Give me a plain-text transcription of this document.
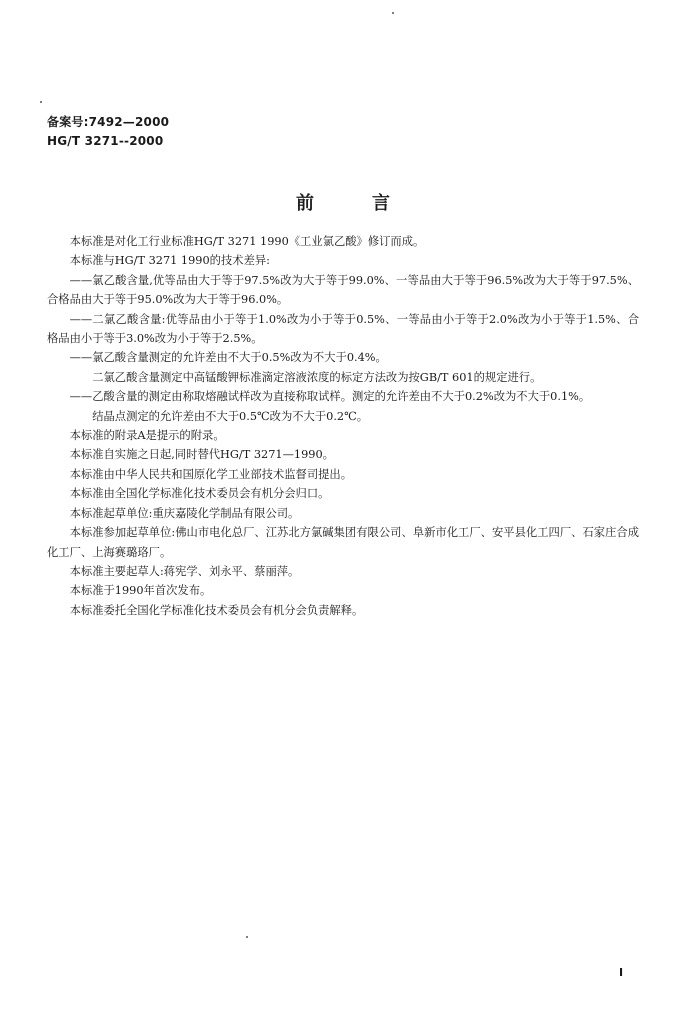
备案号:7492—2000
HG/T 3271--2000
前言

本标准是对化工行业标准HG/T 3271 1990《工业氯乙酸》修订而成。

本标准与HG/T 3271 1990的技术差异:

——氯乙酸含量,优等品由大于等于97.5%改为大于等于99.0%、一等品由大于等于96.5%改为大于等于97.5%、合格品由大于等于95.0%改为大于等于96.0%。

——二氯乙酸含量:优等品由小于等于1.0%改为小于等于0.5%、一等品由小于等于2.0%改为小于等于1.5%、合格品由小于等于3.0%改为小于等于2.5%。

——氯乙酸含量测定的允许差由不大于0.5%改为不大于0.4%。

二氯乙酸含量测定中高锰酸钾标准滴定溶液浓度的标定方法改为按GB/T 601的规定进行。

——乙酸含量的测定由称取熔融试样改为直接称取试样。测定的允许差由不大于0.2%改为不大于0.1%。

结晶点测定的允许差由不大于0.5℃改为不大于0.2℃。

本标准的附录A是提示的附录。

本标准自实施之日起,同时替代HG/T 3271—1990。

本标准由中华人民共和国原化学工业部技术监督司提出。

本标准由全国化学标准化技术委员会有机分会归口。

本标准起草单位:重庆嘉陵化学制品有限公司。

本标准参加起草单位:佛山市电化总厂、江苏北方氯碱集团有限公司、阜新市化工厂、安平县化工四厂、石家庄合成化工厂、上海赛璐珞厂。

本标准主要起草人:蒋宪学、刘永平、蔡丽萍。

本标准于1990年首次发布。

本标准委托全国化学标准化技术委员会有机分会负责解释。

I
